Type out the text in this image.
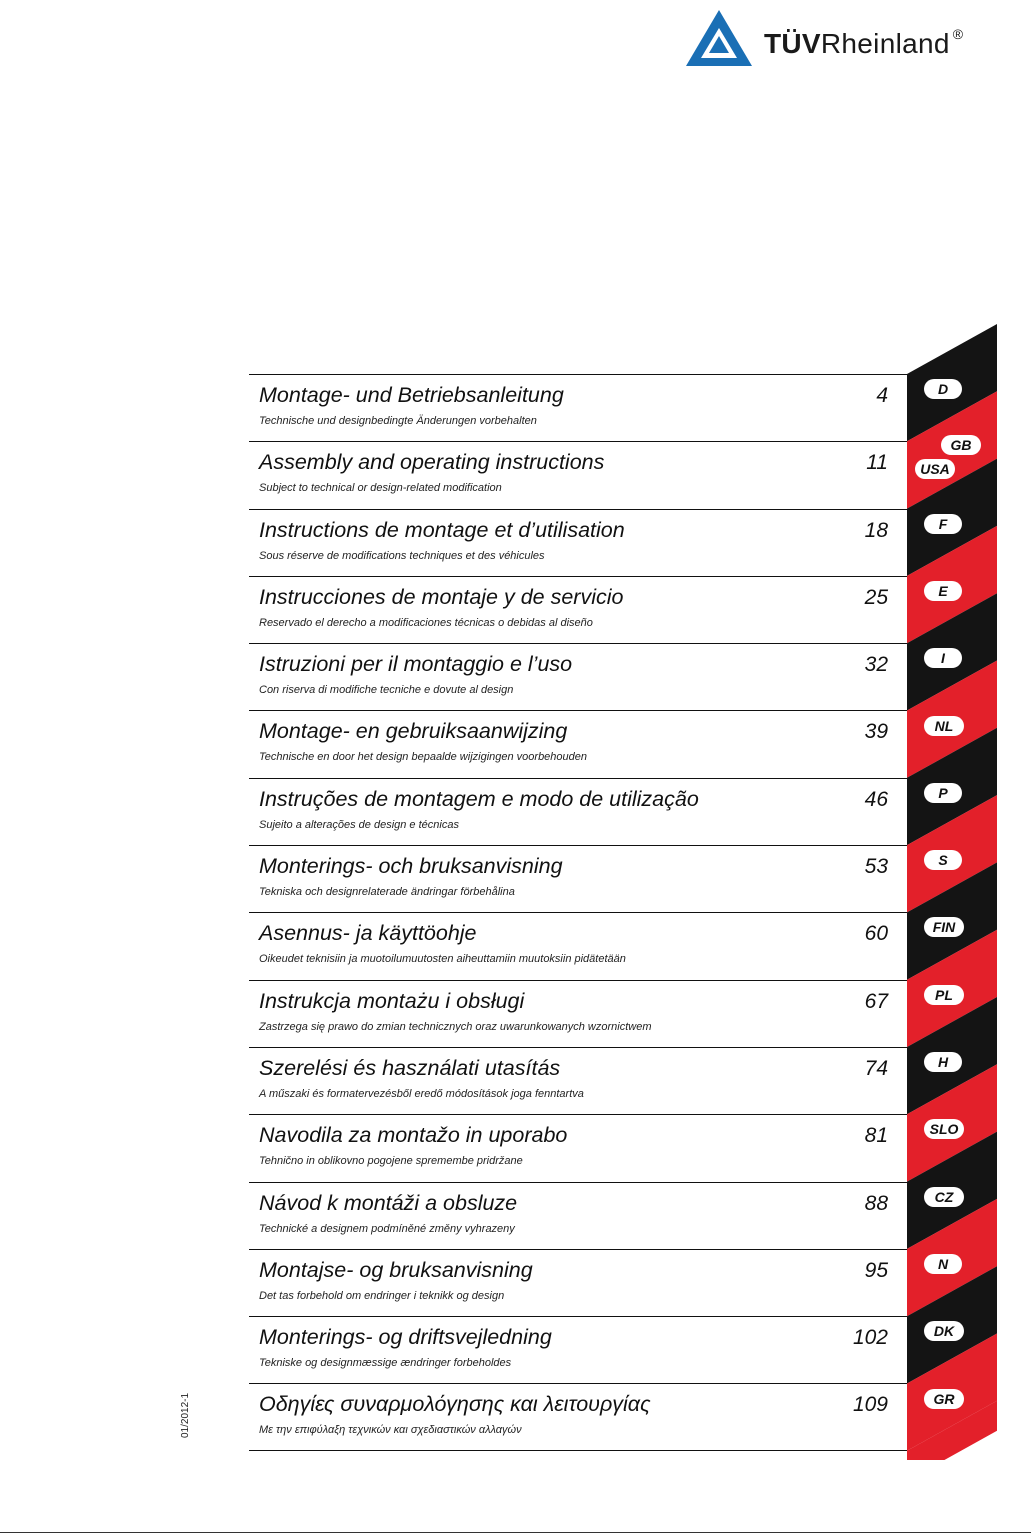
TÜVRheinland ®
Montage- und Betriebsanleitung
Technische und designbedingte Änderungen vorbehalten
4
Assembly and operating instructions
Subject to technical or design-related modification
11
Instructions de montage et d’utilisation
Sous réserve de modifications techniques et des véhicules
18
Instrucciones de montaje y de servicio
Reservado el derecho a modificaciones técnicas o debidas al diseño
25
Istruzioni per il montaggio e l’uso
Con riserva di modifiche tecniche e dovute al design
32
Montage- en gebruiksaanwijzing
Technische en door het design bepaalde wijzigingen voorbehouden
39
Instruções de montagem e modo de utilização
Sujeito a alterações de design e técnicas
46
Monterings- och bruksanvisning
Tekniska och designrelaterade ändringar förbehålina
53
Asennus- ja käyttöohje
Oikeudet teknisiin ja muotoilumuutosten aiheuttamiin muutoksiin pidätetään
60
Instrukcja montażu i obsługi
Zastrzega się prawo do zmian technicznych oraz uwarunkowanych wzornictwem
67
Szerelési és használati utasítás
A műszaki és formatervezésből eredő módosítások joga fenntartva
74
Navodila za montažo in uporabo
Tehnično in oblikovno pogojene spremembe pridržane
81
Návod k montáži a obsluze
Technické a designem podmíněné změny vyhrazeny
88
Montajse- og bruksanvisning
Det tas forbehold om endringer i teknikk og design
95
Monterings- og driftsvejledning
Tekniske og designmæssige ændringer forbeholdes
102
Οδηγίες συναρμολόγησης και λειτουργίας
Με την επιφύλαξη τεχνικών και σχεδιαστικών αλλαγών
109
D
GB
USA
F
E
I
NL
P
S
FIN
PL
H
SLO
CZ
N
DK
GR
01/2012-1
